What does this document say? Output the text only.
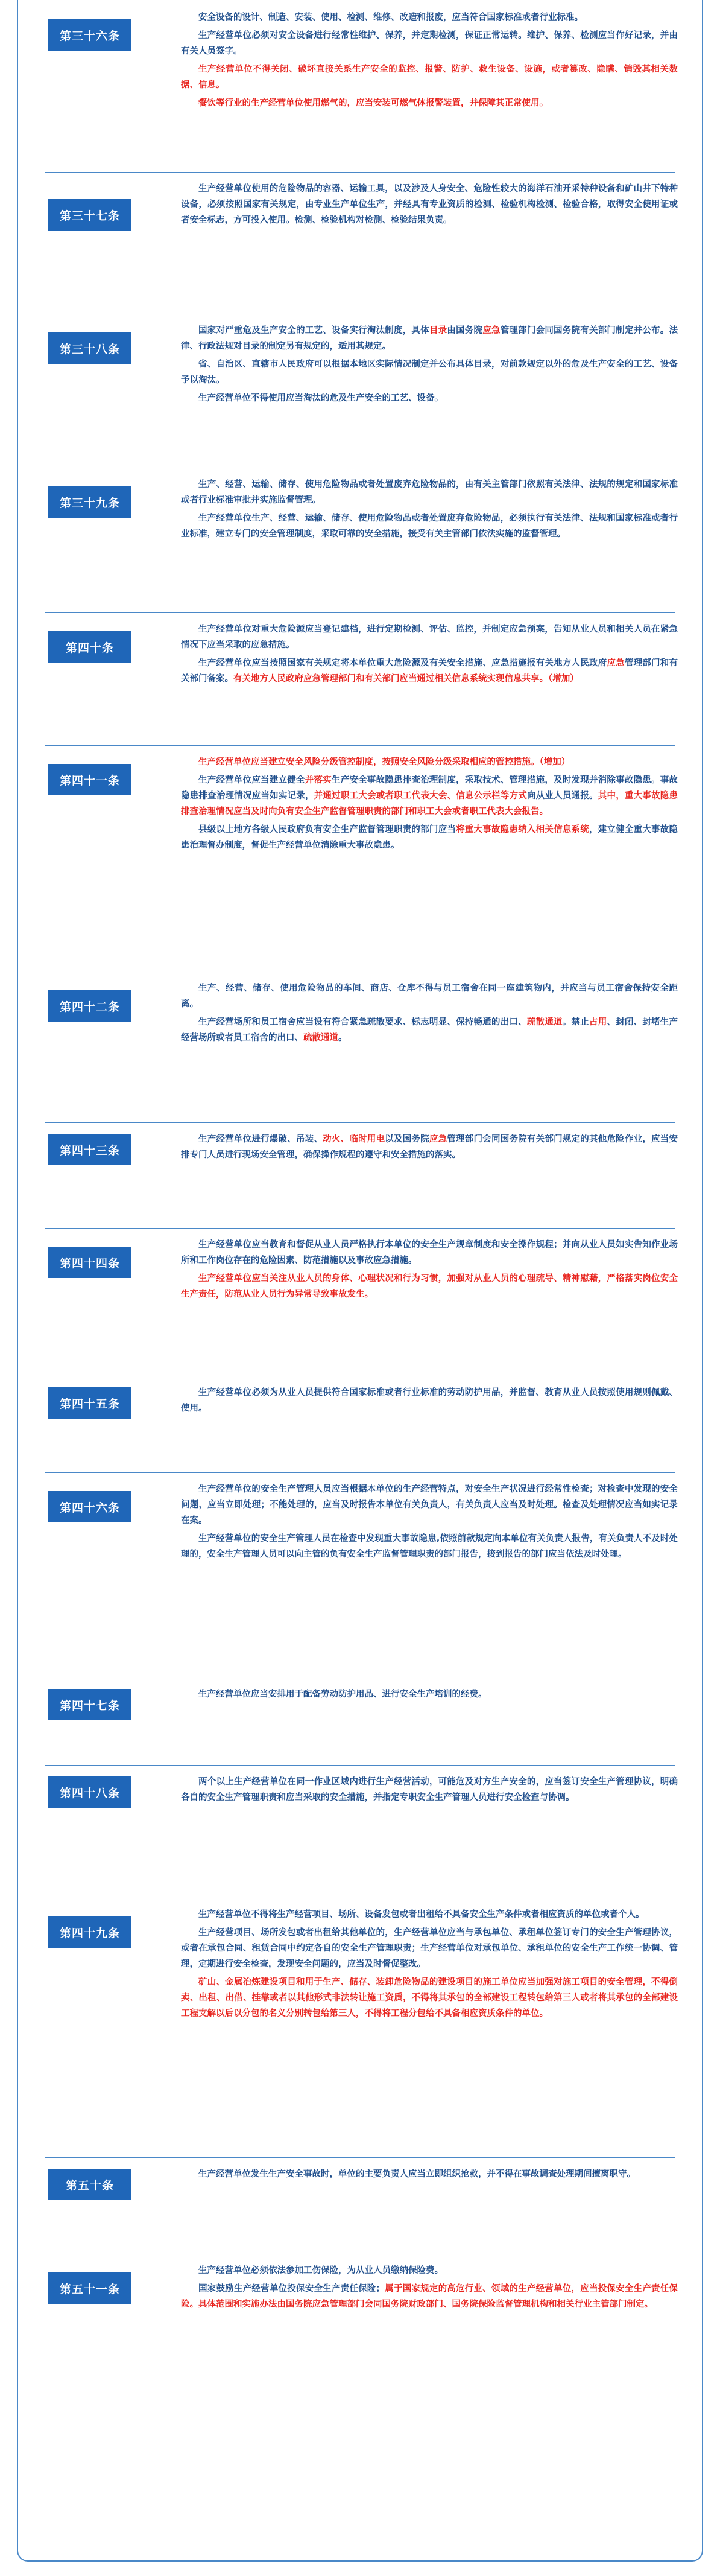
第三十六条

安全设备的设计、制造、安装、使用、检测、维修、改造和报废，应当符合国家标准或者行业标准。

生产经营单位必须对安全设备进行经常性维护、保养，并定期检测，保证正常运转。维护、保养、检测应当作好记录，并由有关人员签字。

生产经营单位不得关闭、破坏直接关系生产安全的监控、报警、防护、救生设备、设施，或者篡改、隐瞒、销毁其相关数据、信息。

餐饮等行业的生产经营单位使用燃气的，应当安装可燃气体报警装置，并保障其正常使用。

第三十七条

生产经营单位使用的危险物品的容器、运输工具，以及涉及人身安全、危险性较大的海洋石油开采特种设备和矿山井下特种设备，必须按照国家有关规定，由专业生产单位生产，并经具有专业资质的检测、检验机构检测、检验合格，取得安全使用证或者安全标志，方可投入使用。检测、检验机构对检测、检验结果负责。

第三十八条

国家对严重危及生产安全的工艺、设备实行淘汰制度，具体目录由国务院应急管理部门会同国务院有关部门制定并公布。法律、行政法规对目录的制定另有规定的，适用其规定。

省、自治区、直辖市人民政府可以根据本地区实际情况制定并公布具体目录，对前款规定以外的危及生产安全的工艺、设备予以淘汰。

生产经营单位不得使用应当淘汰的危及生产安全的工艺、设备。

第三十九条

生产、经营、运输、储存、使用危险物品或者处置废弃危险物品的，由有关主管部门依照有关法律、法规的规定和国家标准或者行业标准审批并实施监督管理。

生产经营单位生产、经营、运输、储存、使用危险物品或者处置废弃危险物品，必须执行有关法律、法规和国家标准或者行业标准，建立专门的安全管理制度，采取可靠的安全措施，接受有关主管部门依法实施的监督管理。

第四十条

生产经营单位对重大危险源应当登记建档，进行定期检测、评估、监控，并制定应急预案，告知从业人员和相关人员在紧急情况下应当采取的应急措施。

生产经营单位应当按照国家有关规定将本单位重大危险源及有关安全措施、应急措施报有关地方人民政府应急管理部门和有关部门备案。有关地方人民政府应急管理部门和有关部门应当通过相关信息系统实现信息共享。（增加）

第四十一条

生产经营单位应当建立安全风险分级管控制度，按照安全风险分级采取相应的管控措施。（增加）

生产经营单位应当建立健全并落实生产安全事故隐患排查治理制度，采取技术、管理措施，及时发现并消除事故隐患。事故隐患排查治理情况应当如实记录，并通过职工大会或者职工代表大会、信息公示栏等方式向从业人员通报。其中，重大事故隐患排查治理情况应当及时向负有安全生产监督管理职责的部门和职工大会或者职工代表大会报告。

县级以上地方各级人民政府负有安全生产监督管理职责的部门应当将重大事故隐患纳入相关信息系统，建立健全重大事故隐患治理督办制度，督促生产经营单位消除重大事故隐患。

第四十二条

生产、经营、储存、使用危险物品的车间、商店、仓库不得与员工宿舍在同一座建筑物内，并应当与员工宿舍保持安全距离。

生产经营场所和员工宿舍应当设有符合紧急疏散要求、标志明显、保持畅通的出口、疏散通道。禁止占用、封闭、封堵生产经营场所或者员工宿舍的出口、疏散通道。

第四十三条

生产经营单位进行爆破、吊装、动火、临时用电以及国务院应急管理部门会同国务院有关部门规定的其他危险作业，应当安排专门人员进行现场安全管理，确保操作规程的遵守和安全措施的落实。

第四十四条

生产经营单位应当教育和督促从业人员严格执行本单位的安全生产规章制度和安全操作规程；并向从业人员如实告知作业场所和工作岗位存在的危险因素、防范措施以及事故应急措施。

生产经营单位应当关注从业人员的身体、心理状况和行为习惯，加强对从业人员的心理疏导、精神慰藉，严格落实岗位安全生产责任，防范从业人员行为异常导致事故发生。

第四十五条

生产经营单位必须为从业人员提供符合国家标准或者行业标准的劳动防护用品，并监督、教育从业人员按照使用规则佩戴、使用。

第四十六条

生产经营单位的安全生产管理人员应当根据本单位的生产经营特点，对安全生产状况进行经常性检查；对检查中发现的安全问题，应当立即处理；不能处理的，应当及时报告本单位有关负责人，有关负责人应当及时处理。检查及处理情况应当如实记录在案。

生产经营单位的安全生产管理人员在检查中发现重大事故隐患,依照前款规定向本单位有关负责人报告，有关负责人不及时处理的，安全生产管理人员可以向主管的负有安全生产监督管理职责的部门报告，接到报告的部门应当依法及时处理。

第四十七条

生产经营单位应当安排用于配备劳动防护用品、进行安全生产培训的经费。

第四十八条

两个以上生产经营单位在同一作业区域内进行生产经营活动，可能危及对方生产安全的，应当签订安全生产管理协议，明确各自的安全生产管理职责和应当采取的安全措施，并指定专职安全生产管理人员进行安全检查与协调。

第四十九条

生产经营单位不得将生产经营项目、场所、设备发包或者出租给不具备安全生产条件或者相应资质的单位或者个人。

生产经营项目、场所发包或者出租给其他单位的，生产经营单位应当与承包单位、承租单位签订专门的安全生产管理协议，或者在承包合同、租赁合同中约定各自的安全生产管理职责；生产经营单位对承包单位、承租单位的安全生产工作统一协调、管理，定期进行安全检查，发现安全问题的，应当及时督促整改。

矿山、金属冶炼建设项目和用于生产、储存、装卸危险物品的建设项目的施工单位应当加强对施工项目的安全管理，不得倒卖、出租、出借、挂靠或者以其他形式非法转让施工资质，不得将其承包的全部建设工程转包给第三人或者将其承包的全部建设工程支解以后以分包的名义分别转包给第三人，不得将工程分包给不具备相应资质条件的单位。

第五十条

生产经营单位发生生产安全事故时，单位的主要负责人应当立即组织抢救，并不得在事故调查处理期间擅离职守。

第五十一条

生产经营单位必须依法参加工伤保险，为从业人员缴纳保险费。

国家鼓励生产经营单位投保安全生产责任保险；属于国家规定的高危行业、领域的生产经营单位，应当投保安全生产责任保险。具体范围和实施办法由国务院应急管理部门会同国务院财政部门、国务院保险监督管理机构和相关行业主管部门制定。
